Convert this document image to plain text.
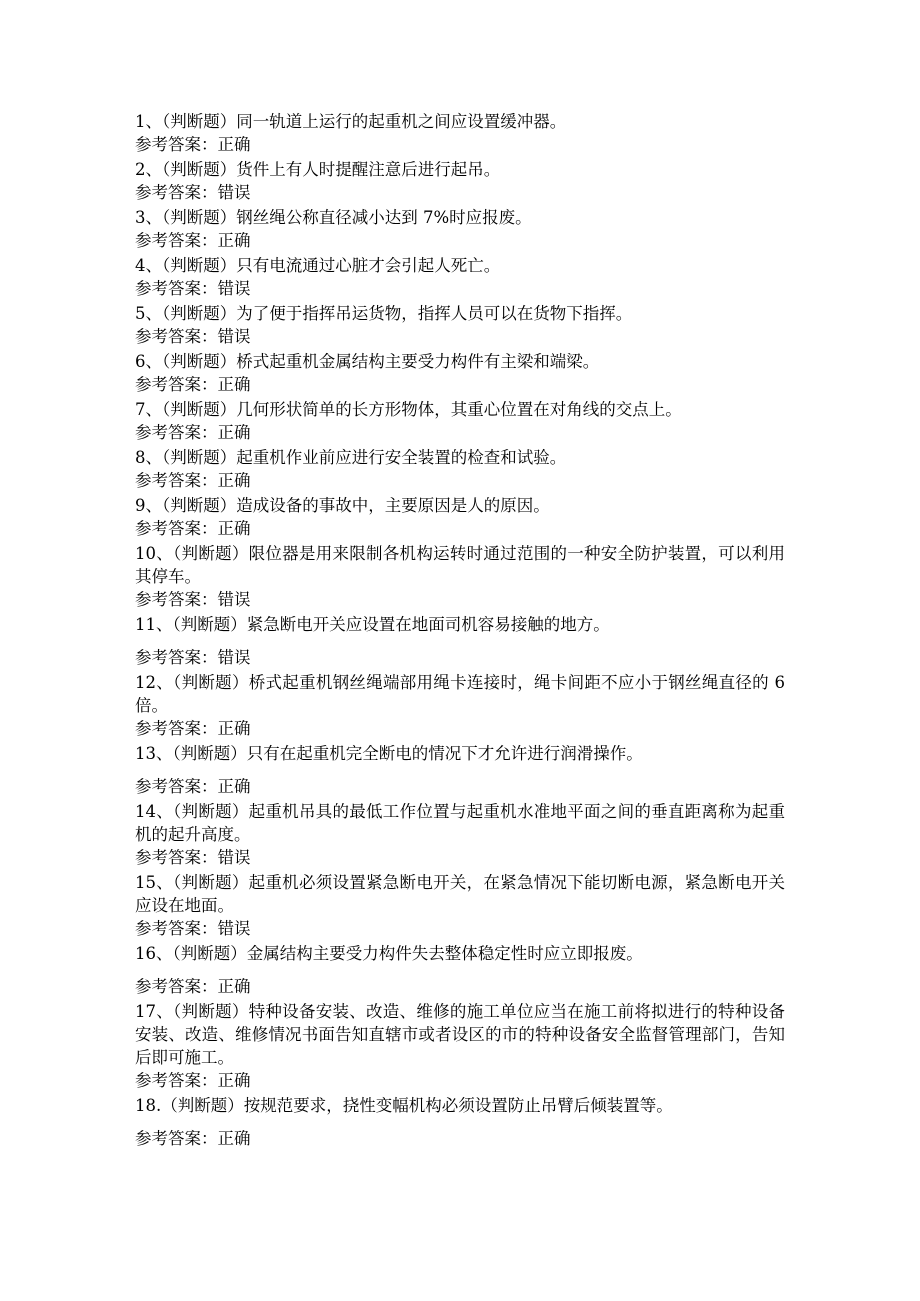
1、（判断题）同一轨道上运行的起重机之间应设置缓冲器。

参考答案：正确

2、（判断题）货件上有人时提醒注意后进行起吊。

参考答案：错误

3、（判断题）钢丝绳公称直径减小达到 7%时应报废。

参考答案：正确

4、（判断题）只有电流通过心脏才会引起人死亡。

参考答案：错误

5、（判断题）为了便于指挥吊运货物，指挥人员可以在货物下指挥。

参考答案：错误

6、（判断题）桥式起重机金属结构主要受力构件有主梁和端梁。

参考答案：正确

7、（判断题）几何形状简单的长方形物体，其重心位置在对角线的交点上。

参考答案：正确

8、（判断题）起重机作业前应进行安全装置的检查和试验。

参考答案：正确

9、（判断题）造成设备的事故中，主要原因是人的原因。

参考答案：正确

10、（判断题）限位器是用来限制各机构运转时通过范围的一种安全防护装置，可以利用其停车。

参考答案：错误

11、（判断题）紧急断电开关应设置在地面司机容易接触的地方。

参考答案：错误

12、（判断题）桥式起重机钢丝绳端部用绳卡连接时，绳卡间距不应小于钢丝绳直径的 6 倍。

参考答案：正确

13、（判断题）只有在起重机完全断电的情况下才允许进行润滑操作。

参考答案：正确

14、（判断题）起重机吊具的最低工作位置与起重机水准地平面之间的垂直距离称为起重机的起升高度。

参考答案：错误

15、（判断题）起重机必须设置紧急断电开关，在紧急情况下能切断电源，紧急断电开关应设在地面。

参考答案：错误

16、（判断题）金属结构主要受力构件失去整体稳定性时应立即报废。

参考答案：正确

17、（判断题）特种设备安装、改造、维修的施工单位应当在施工前将拟进行的特种设备安装、改造、维修情况书面告知直辖市或者设区的市的特种设备安全监督管理部门，告知后即可施工。

参考答案：正确

18.（判断题）按规范要求，挠性变幅机构必须设置防止吊臂后倾装置等。

参考答案：正确
